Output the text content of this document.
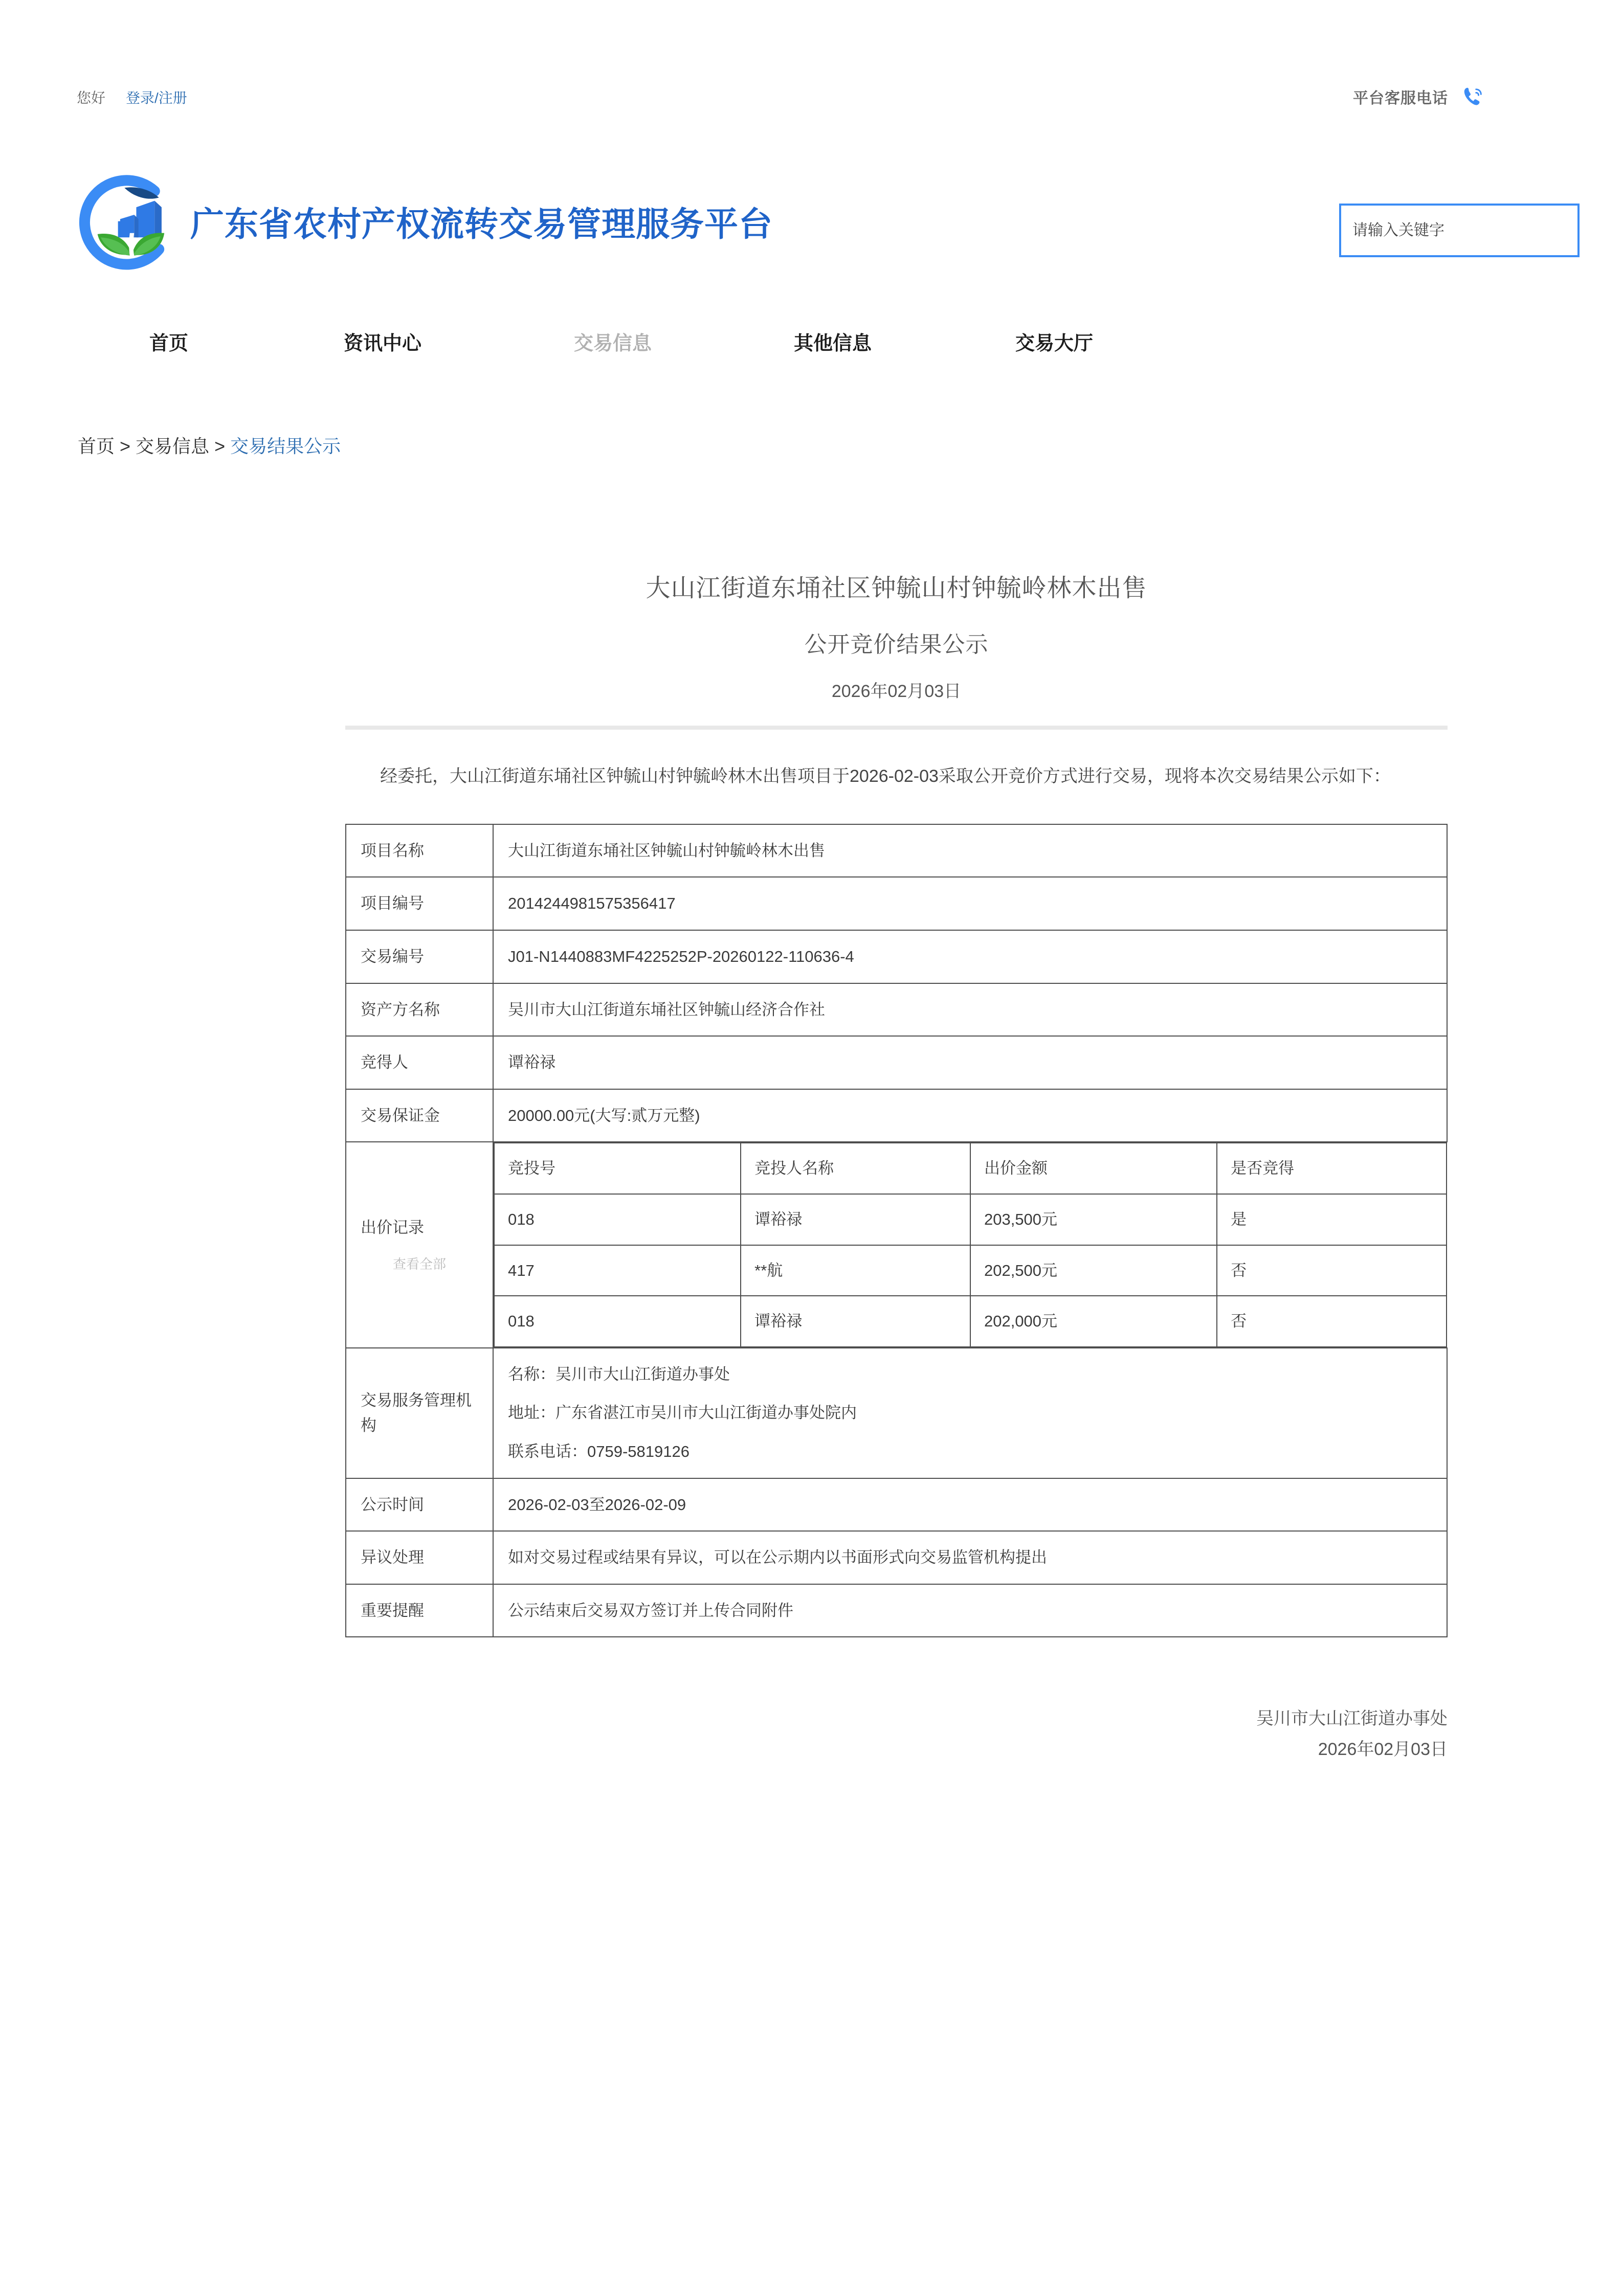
您好 登录/注册	平台客服电话
广东省农村产权流转交易管理服务平台
请输入关键字
首页	资讯中心	交易信息	其他信息	交易大厅
首页 > 交易信息 > 交易结果公示
大山江街道东埇社区钟毓山村钟毓岭林木出售
公开竞价结果公示
2026年02月03日
经委托，大山江街道东埇社区钟毓山村钟毓岭林木出售项目于2026-02-03采取公开竞价方式进行交易，现将本次交易结果公示如下：
项目名称	大山江街道东埇社区钟毓山村钟毓岭林木出售
项目编号	2014244981575356417
交易编号	J01-N1440883MF4225252P-20260122-110636-4
资产方名称	吴川市大山江街道东埇社区钟毓山经济合作社
竞得人	谭裕禄
交易保证金	20000.00元(大写:贰万元整)

出价记录
查看全部

竞投号	竞投人名称	出价金额	是否竞得
018	谭裕禄	203,500元	是
417	**航	202,500元	否
018	谭裕禄	202,000元	否

交易服务管理机构	
名称：吴川市大山江街道办事处
地址：广东省湛江市吴川市大山江街道办事处院内
联系电话：0759-5819126

公示时间	2026-02-03至2026-02-09
异议处理	如对交易过程或结果有异议，可以在公示期内以书面形式向交易监管机构提出
重要提醒	公示结束后交易双方签订并上传合同附件
吴川市大山江街道办事处
2026年02月03日
